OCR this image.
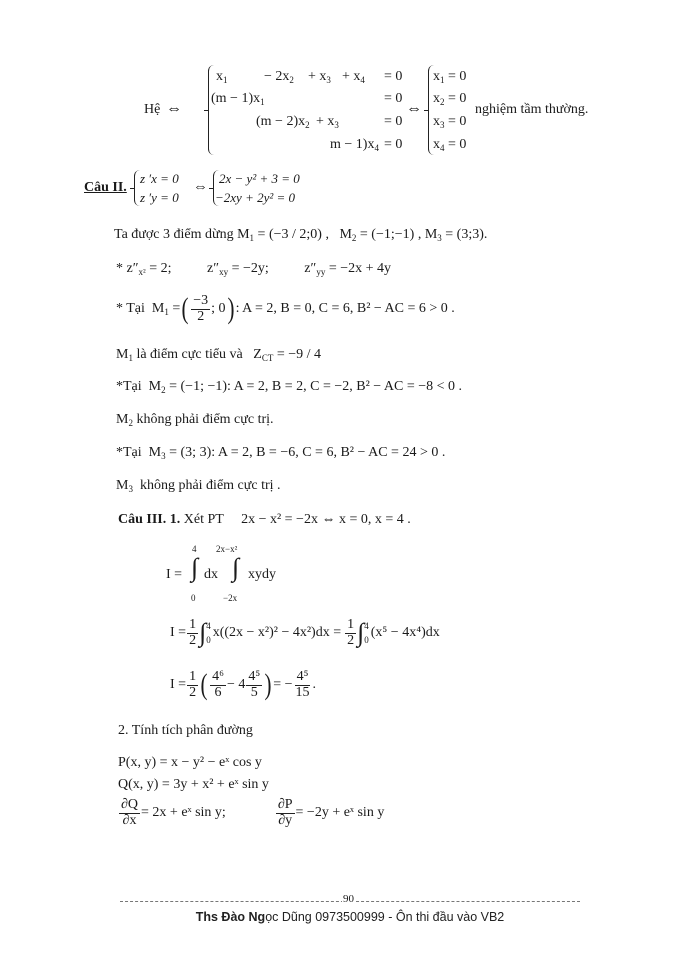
Hệ ⇔
$x_1$	− $2x_2 + x_3 + x_4 = 0$
$(m - 1)x_1$	= 0
$(m - 2)x_2 + x_3$	= 0
$m - 1)x_4 = 0$
⇔
$x_1 = 0$
$x_2 = 0$
$x_3 = 0$
$x_4 = 0$
nghiệm tầm thường.
Câu II.
z ′x = 0
z ′y = 0
⇔
2x − y² + 3 = 0
−2xy + 2y² = 0
Ta được 3 điểm dừng $M_1 = (-3$ / 2;0) ,   $M_2$ = (−1;−1) , $M_3$ = (3;3).
* $z''_{x^2} = 2$;	$z''_{xy} = -2y$;	$z''_{yy} = -2x + 4y$
* Tại $M_1$ = ( $\frac{-3}{2}$ ; 0 ) : A = 2, B = 0, C = 6, B² − AC = 6 > 0 .
$M_1$ là điểm cực tiểu và $Z_{CT} = -9 / 4$
*Tại  $M_2 = (-1$; −1): A = 2, B = 2, C = −2, B² − AC = −8 < 0 .
$M_2$ không phải điểm cực trị.
*Tại  $M_3 = (3$; 3): A = 2, B = −6, C = 6, B² − AC = 24 > 0 .
$M_3$ không phải điểm cực trị .
Câu III. 1. Xét PT 2x − x² = −2x ⇔ x = 0, x = 4 .
I = ∫
4
0
dx ∫
2x−x²
−2x
xydy
$I = \frac{1}{2}$ ∫ 4
0 $x((2x - x^2)^2 - 4x^2)dx = \frac{1}{2}$ ∫ 4
0 (x⁵ − 4x⁴)dx
$I = \frac{1}{2}$ ( $\frac{\text{4⁶}}{6} - 4 \frac{\text{4⁵}}{5}$ ) = − $\frac{\text{4⁵}}{15}$ .
2. Tính tích phân đường
P(x, y) = x − y² − eˣ cos y
Q(x, y) = 3y + x² + eˣ sin y
$\frac{\partial Q}{\partial x} = 2x$ + eˣ sin y;	$\frac{\partial P}{\partial y} = -2y$ + eˣ sin y
90
Ths Đào Ngọc Dũng 0973500999 - Ôn thi đầu vào VB2
